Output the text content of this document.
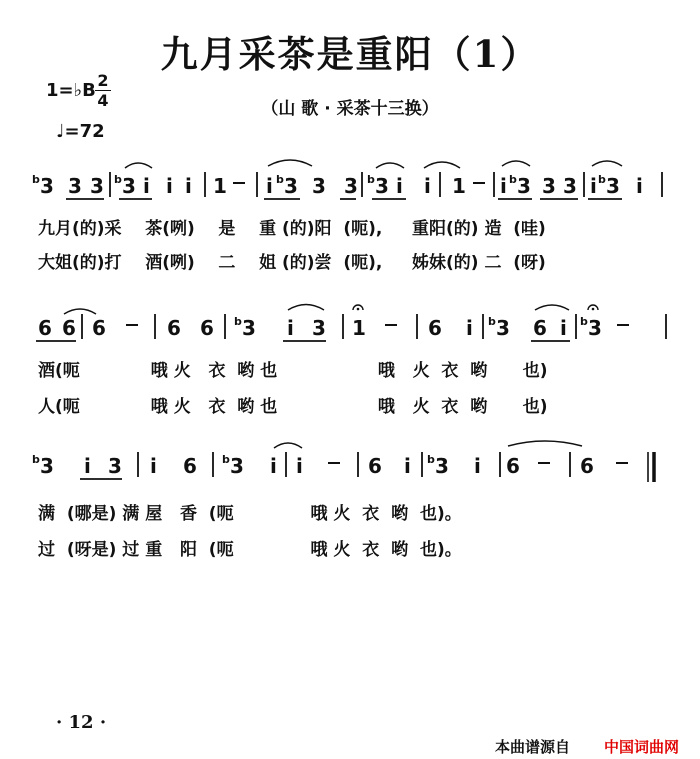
九月采茶是重阳（1）
1=♭B 2
4
♩=72
（山 歌 · 采茶十三换）
b 3 3 3 b 3 i i i 1 i b 3 3 3 b 3 i i 1 i b 3 3 3 i b 3 i
6 6 6	6 6 b 3 i 3 1	6 i b 3 6 i b 3
b 3 i 3 i 6 b 3 i i	6 i b 3 i 6	6
九月(的)采    茶(咧)    是    重 (的)阳  (呃),     重阳(的) 造  (哇)
大姐(的)打    酒(咧)    二    姐 (的)尝  (呃),     姊妹(的) 二  (呀)
酒(呃            哦 火   衣  哟 也                 哦   火  衣  哟      也)
人(呃            哦 火   衣  哟 也                 哦   火  衣  哟      也)
满  (哪是) 满 屋   香  (呃             哦 火  衣  哟  也)。
过  (呀是) 过 重   阳  (呃             哦 火  衣  哟  也)。
· 12 ·
本曲谱源自 中国词曲网
